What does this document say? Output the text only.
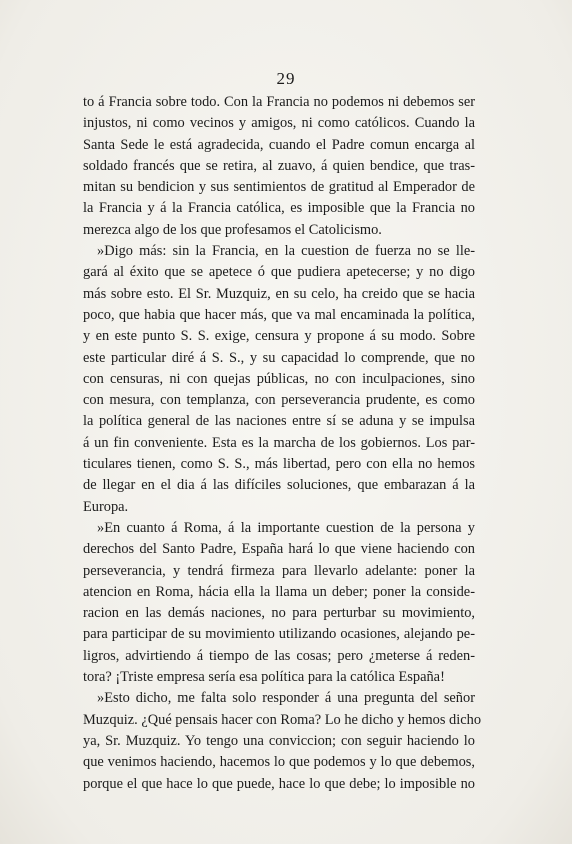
29
to á Francia sobre todo. Con la Francia no podemos ni debemos ser
injustos, ni como vecinos y amigos, ni como católicos. Cuando la
Santa Sede le está agradecida, cuando el Padre comun encarga al
soldado francés que se retira, al zuavo, á quien bendice, que tras-
mitan su bendicion y sus sentimientos de gratitud al Emperador de
la Francia y á la Francia católica, es imposible que la Francia no
merezca algo de los que profesamos el Catolicismo.
»Digo más: sin la Francia, en la cuestion de fuerza no se lle-
gará al éxito que se apetece ó que pudiera apetecerse; y no digo
más sobre esto. El Sr. Muzquiz, en su celo, ha creido que se hacia
poco, que habia que hacer más, que va mal encaminada la política,
y en este punto S. S. exige, censura y propone á su modo. Sobre
este particular diré á S. S., y su capacidad lo comprende, que no
con censuras, ni con quejas públicas, no con inculpaciones, sino
con mesura, con templanza, con perseverancia prudente, es como
la política general de las naciones entre sí se aduna y se impulsa
á un fin conveniente. Esta es la marcha de los gobiernos. Los par-
ticulares tienen, como S. S., más libertad, pero con ella no hemos
de llegar en el dia á las difíciles soluciones, que embarazan á la
Europa.
»En cuanto á Roma, á la importante cuestion de la persona y
derechos del Santo Padre, España hará lo que viene haciendo con
perseverancia, y tendrá firmeza para llevarlo adelante: poner la
atencion en Roma, hácia ella la llama un deber; poner la conside-
racion en las demás naciones, no para perturbar su movimiento,
para participar de su movimiento utilizando ocasiones, alejando pe-
ligros, advirtiendo á tiempo de las cosas; pero ¿meterse á reden-
tora? ¡Triste empresa sería esa política para la católica España!
»Esto dicho, me falta solo responder á una pregunta del señor
Muzquiz. ¿Qué pensais hacer con Roma? Lo he dicho y hemos dicho
ya, Sr. Muzquiz. Yo tengo una conviccion; con seguir haciendo lo
que venimos haciendo, hacemos lo que podemos y lo que debemos,
porque el que hace lo que puede, hace lo que debe; lo imposible no
